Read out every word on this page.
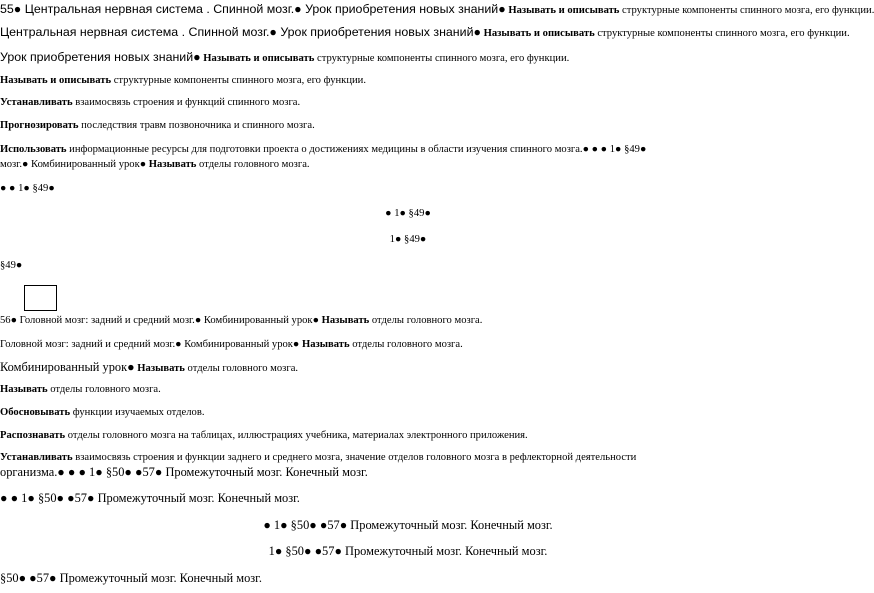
55● Центральная нервная система . Спинной мозг.● Урок приобретения новых знаний● Называть и описывать структурные компоненты спинного мозга, его функции.
Центральная нервная система . Спинной мозг.● Урок приобретения новых знаний● Называть и описывать структурные компоненты спинного мозга, его функции.
Урок приобретения новых знаний● Называть и описывать структурные компоненты спинного мозга, его функции.
Называть и описывать структурные компоненты спинного мозга, его функции.
Устанавливать взаимосвязь строения и функций спинного мозга.
Прогнозировать последствия травм позвоночника и спинного мозга.
Использовать информационные ресурсы для подготовки проекта о достижениях медицины в области изучения спинного мозга.● ● ● 1● §49●
мозг.● Комбинированный урок● Называть отделы головного мозга.
● ● 1● §49●
● 1● §49●
1● §49●
§49●
56● Головной мозг: задний и средний мозг.● Комбинированный урок● Называть отделы головного мозга.
Головной мозг: задний и средний мозг.● Комбинированный урок● Называть отделы головного мозга.
Комбинированный урок● Называть отделы головного мозга.
Называть отделы головного мозга.
Обосновывать функции изучаемых отделов.
Распознавать отделы головного мозга на таблицах, иллюстрациях учебника, материалах электронного приложения.
Устанавливать взаимосвязь строения и функции заднего и среднего мозга, значение отделов головного мозга в рефлекторной деятельности
организма.● ● ● 1● §50● ●57● Промежуточный мозг. Конечный мозг.
● ● 1● §50● ●57● Промежуточный мозг. Конечный мозг.
● 1● §50● ●57● Промежуточный мозг. Конечный мозг.
1● §50● ●57● Промежуточный мозг. Конечный мозг.
§50● ●57● Промежуточный мозг. Конечный мозг.
